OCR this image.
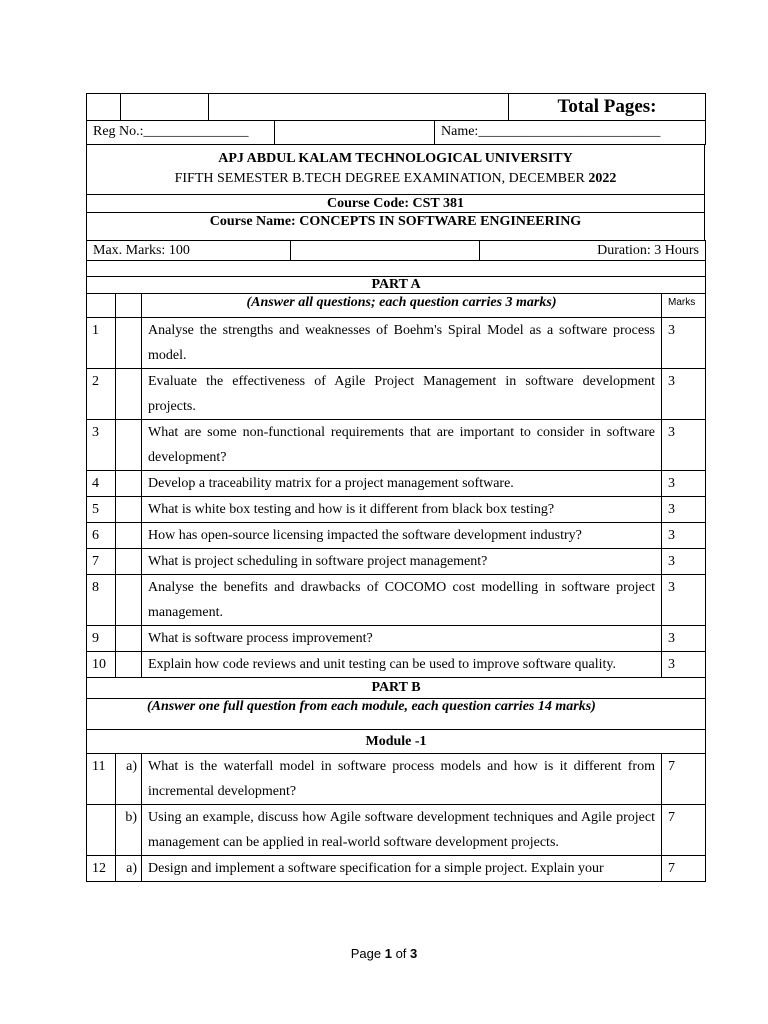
			Total Pages:
Reg No.:_______________		Name:__________________________
APJ ABDUL KALAM TECHNOLOGICAL UNIVERSITY
FIFTH SEMESTER B.TECH DEGREE EXAMINATION, DECEMBER 2022

Course Code: CST 381
Course Name: CONCEPTS IN SOFTWARE ENGINEERING
Max. Marks: 100		Duration: 3 Hours

PART A			
		(Answer all questions; each question carries 3 marks)	Marks
1		Analyse the strengths and weaknesses of Boehm's Spiral Model as a software process model.	3
2		Evaluate the effectiveness of Agile Project Management in software development projects.	3
3		What are some non-functional requirements that are important to consider in software development?	3
4		Develop a traceability matrix for a project management software.	3
5		What is white box testing and how is it different from black box testing?	3
6		How has open-source licensing impacted the software development industry?	3
7		What is project scheduling in software project management?	3
8		Analyse the benefits and drawbacks of COCOMO cost modelling in software project management.	3
9		What is software process improvement?	3
10		Explain how code reviews and unit testing can be used to improve software quality.	3
PART B			
(Answer one full question from each module, each question carries 14 marks)			
Module -1			
11	a)	What is the waterfall model in software process models and how is it different from incremental development?	7
	b)	Using an example, discuss how Agile software development techniques and Agile project management can be applied in real-world software development projects.	7
12	a)	Design and implement a software specification for a simple project. Explain your	7
Page 1 of 3
